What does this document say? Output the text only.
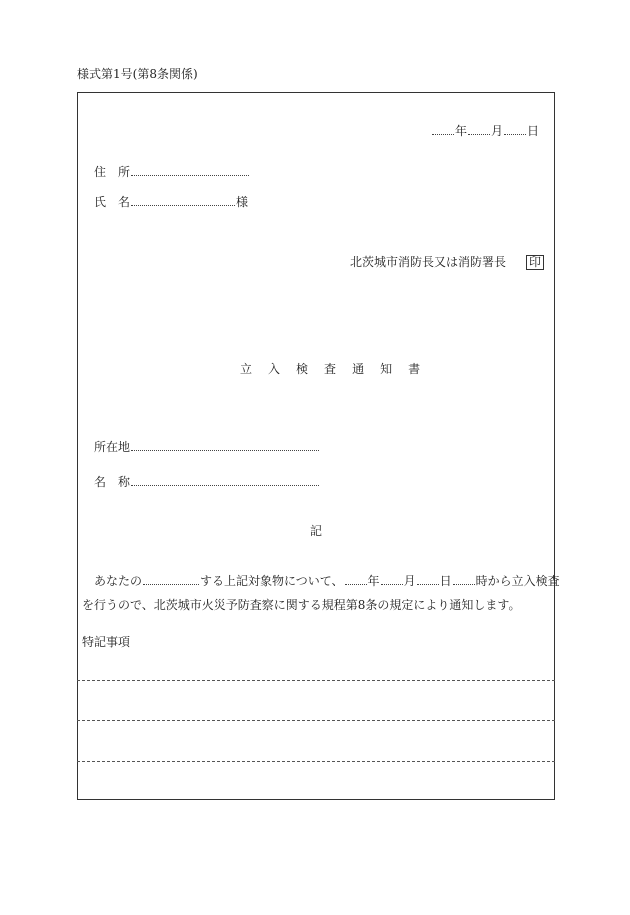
様式第1号(第8条関係)
年 月 日
住　所
氏　名	様
北茨城市消防長又は消防署長 印
立 入 検 査 通 知 書
所在地
名　称
記
あなたの	する上記対象物について、 年 月 日 時から立入検査
を行うので、北茨城市火災予防査察に関する規程第8条の規定により通知します。
特記事項
